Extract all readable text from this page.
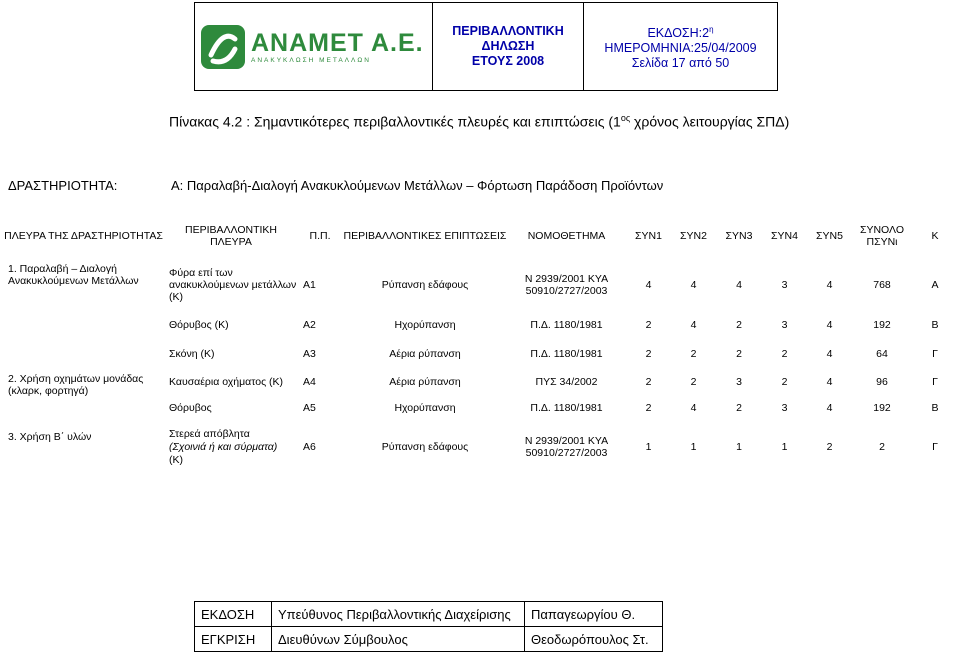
ANAMET A.E.
ΑΝΑΚΥΚΛΩΣΗ ΜΕΤΑΛΛΩΝ
ΠΕΡΙΒΑΛΛΟΝΤΙΚΗ
ΔΗΛΩΣΗ
ΕΤΟΥΣ 2008
$EK\Delta O\Sigma H:2^\eta$
ΗΜΕΡΟΜΗΝΙΑ:25/04/2009
Σελίδα 17 από 50
Πίνακας 4.2 : Σημαντικότερες περιβαλλοντικές πλευρές και επιπτώσεις ($1^{o\varsigma}$ χρόνος λειτουργίας ΣΠΔ)
ΔΡΑΣΤΗΡΙΟΤΗΤΑ:	Α: Παραλαβή-Διαλογή Ανακυκλούμενων Μετάλλων – Φόρτωση Παράδοση Προϊόντων										
ΠΛΕΥΡΑ ΤΗΣ ΔΡΑΣΤΗΡΙΟΤΗΤΑΣ	ΠΕΡΙΒΑΛΛΟΝΤΙΚΗ ΠΛΕΥΡΑ	Π.Π.	ΠΕΡΙΒΑΛΛΟΝΤΙΚΕΣ ΕΠΙΠΤΩΣΕΙΣ	ΝΟΜΟΘΕΤΗΜΑ	ΣΥΝ1	ΣΥΝ2	ΣΥΝ3	ΣΥΝ4	ΣΥΝ5	ΣΥΝΟΛΟ ΠΣΥΝι	Κ
1. Παραλαβή – Διαλογή Ανακυκλούμενων Μετάλλων	Φύρα επί των ανακυκλούμενων μετάλλων (Κ)	Α1	Ρύπανση εδάφους	Ν 2939/2001 ΚΥΑ 50910/2727/2003	4	4	4	3	4	768	Α
	Θόρυβος (Κ)	Α2	Ηχορύπανση	Π.Δ. 1180/1981	2	4	2	3	4	192	Β
	Σκόνη (Κ)	Α3	Αέρια ρύπανση	Π.Δ. 1180/1981	2	2	2	2	4	64	Γ
2. Χρήση οχημάτων μονάδας (κλαρκ, φορτηγά)	Καυσαέρια οχήματος (Κ)	Α4	Αέρια ρύπανση	ΠΥΣ 34/2002	2	2	3	2	4	96	Γ
	Θόρυβος	Α5	Ηχορύπανση	Π.Δ. 1180/1981	2	4	2	3	4	192	Β
3. Χρήση Β΄ υλών	Στερεά απόβλητα
(Σχοινιά ή και σύρματα)
(Κ)	Α6	Ρύπανση εδάφους	Ν 2939/2001 ΚΥΑ 50910/2727/2003	1	1	1	1	2	2	Γ
ΕΚΔΟΣΗ	Υπεύθυνος Περιβαλλοντικής Διαχείρισης	Παπαγεωργίου Θ.
ΕΓΚΡΙΣΗ	Διευθύνων Σύμβουλος	Θεοδωρόπουλος Στ.
